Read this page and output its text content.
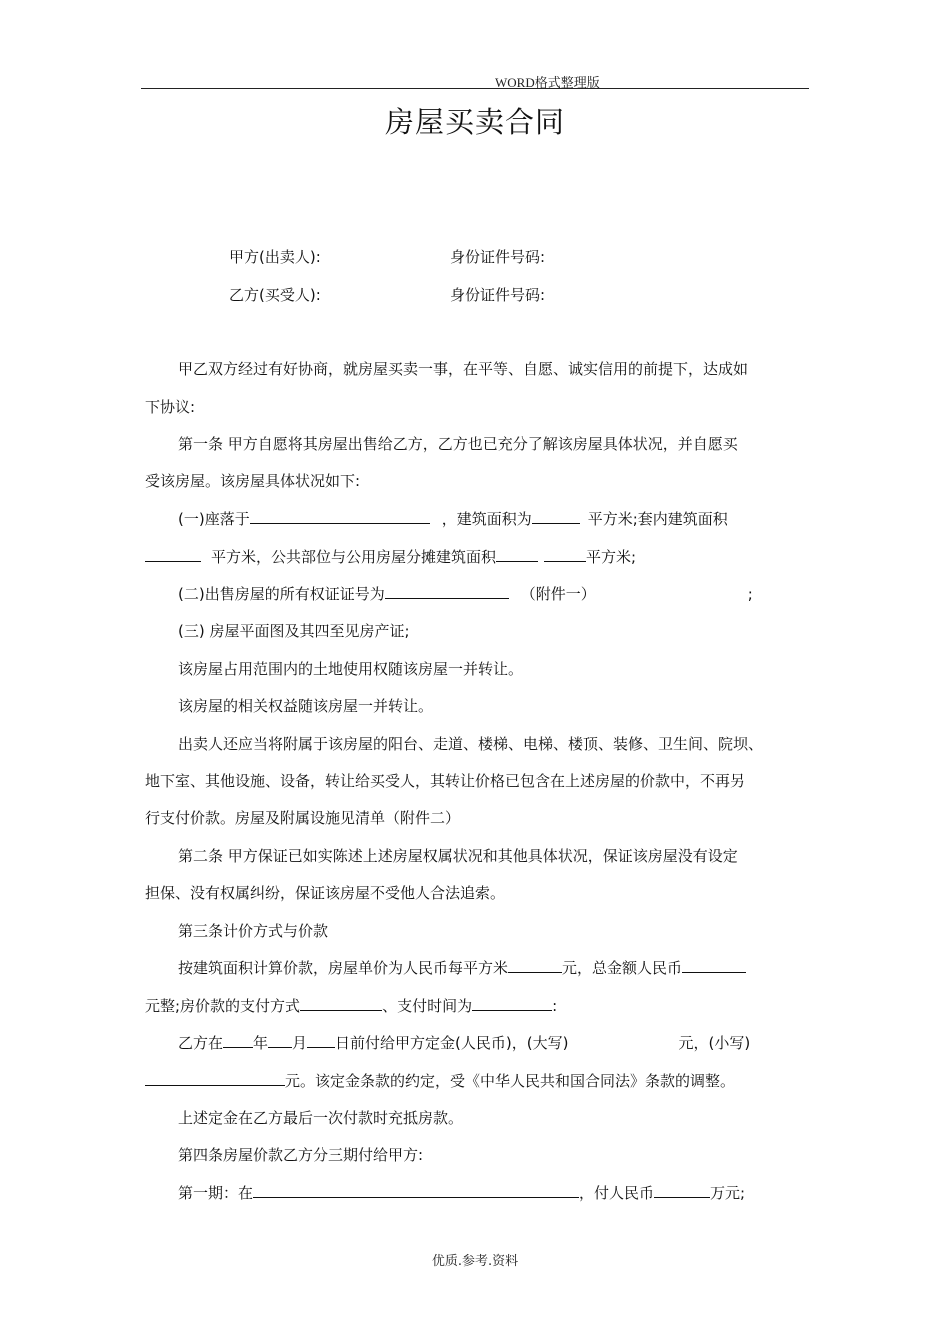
WORD格式整理版
房屋买卖合同
甲方(出卖人):	身份证件号码:
乙方(买受人):	身份证件号码:
甲乙双方经过有好协商，就房屋买卖一事，在平等、自愿、诚实信用的前提下，达成如
下协议:
第一条 甲方自愿将其房屋出售给乙方，乙方也已充分了解该房屋具体状况，并自愿买
受该房屋。该房屋具体状况如下:
(一)座落于	，建筑面积为	平方米;套内建筑面积
平方米，公共部位与公用房屋分摊建筑面积	平方米;
(二)出售房屋的所有权证证号为	（附件一）	;
(三) 房屋平面图及其四至见房产证;
该房屋占用范围内的土地使用权随该房屋一并转让。
该房屋的相关权益随该房屋一并转让。
出卖人还应当将附属于该房屋的阳台、走道、楼梯、电梯、楼顶、装修、卫生间、院坝、
地下室、其他设施、设备，转让给买受人，其转让价格已包含在上述房屋的价款中，不再另
行支付价款。房屋及附属设施见清单（附件二）
第二条 甲方保证已如实陈述上述房屋权属状况和其他具体状况，保证该房屋没有设定
担保、没有权属纠纷，保证该房屋不受他人合法追索。
第三条计价方式与价款
按建筑面积计算价款，房屋单价为人民币每平方米	元，总金额人民币
元整;房价款的支付方式	、支付时间为	:
乙方在 年 月 日前付给甲方定金(人民币)，(大写)	元，(小写)
元。该定金条款的约定，受《中华人民共和国合同法》条款的调整。
上述定金在乙方最后一次付款时充抵房款。
第四条房屋价款乙方分三期付给甲方:
第一期：在	，付人民币	万元;
优质.参考.资料
